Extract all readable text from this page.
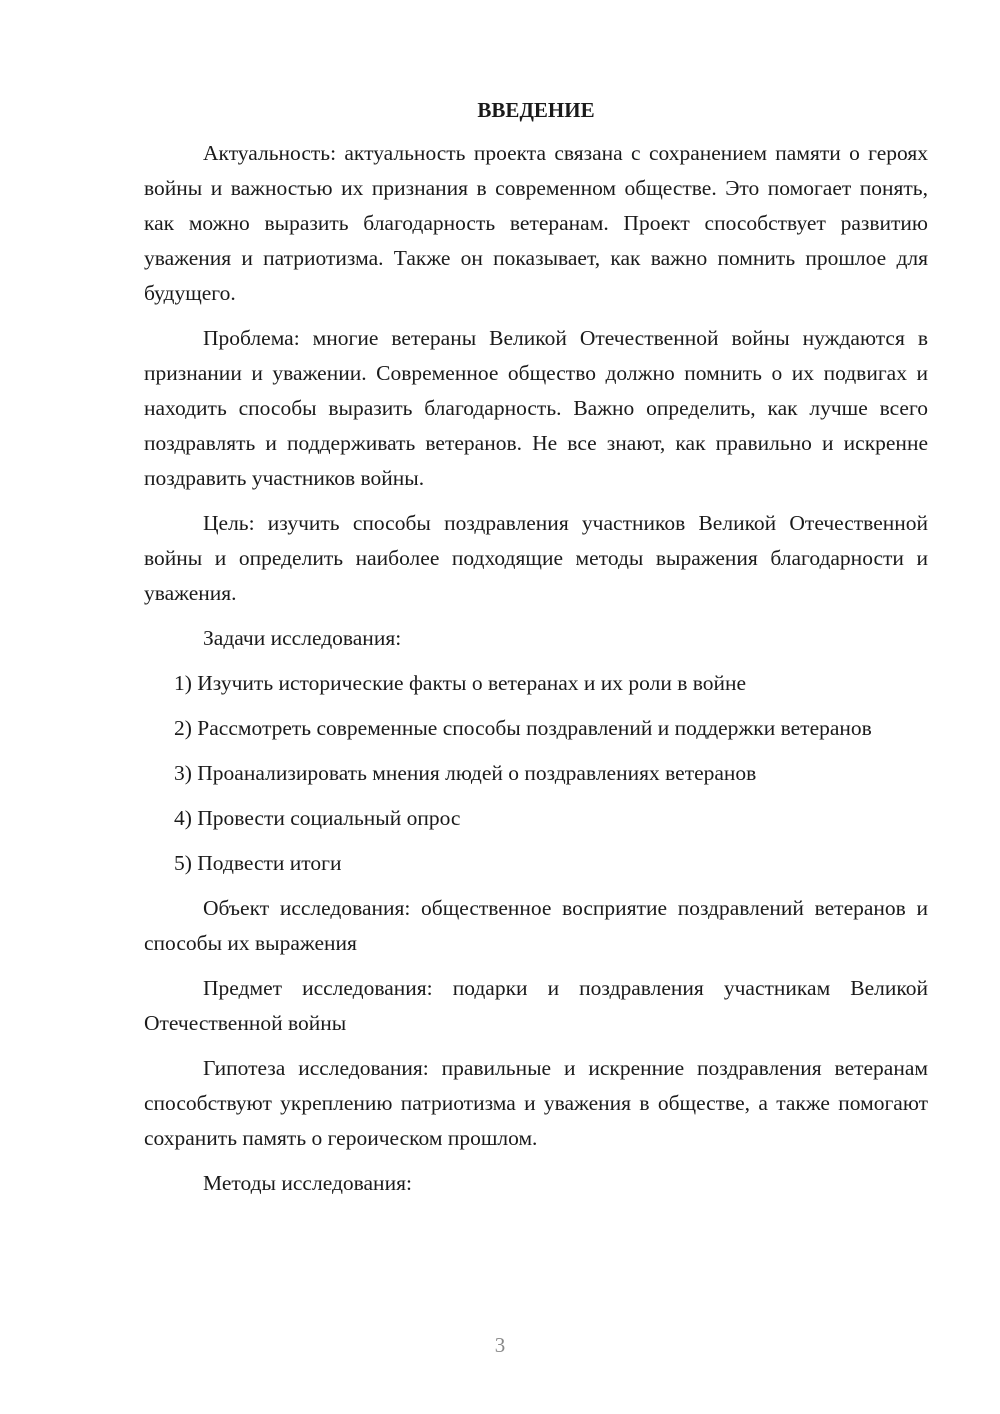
ВВЕДЕНИЕ

Актуальность: актуальность проекта связана с сохранением памяти о героях войны и важностью их признания в современном обществе. Это помогает понять, как можно выразить благодарность ветеранам. Проект способствует развитию уважения и патриотизма. Также он показывает, как важно помнить прошлое для будущего.

Проблема: многие ветераны Великой Отечественной войны нуждаются в признании и уважении. Современное общество должно помнить о их подвигах и находить способы выразить благодарность. Важно определить, как лучше всего поздравлять и поддерживать ветеранов. Не все знают, как правильно и искренне поздравить участников войны.

Цель: изучить способы поздравления участников Великой Отечественной войны и определить наиболее подходящие методы выражения благодарности и уважения.

Задачи исследования:

1) Изучить исторические факты о ветеранах и их роли в войне

2) Рассмотреть современные способы поздравлений и поддержки ветеранов

3) Проанализировать мнения людей о поздравлениях ветеранов

4) Провести социальный опрос

5) Подвести итоги

Объект исследования: общественное восприятие поздравлений ветеранов и способы их выражения

Предмет исследования: подарки и поздравления участникам Великой Отечественной войны

Гипотеза исследования: правильные и искренние поздравления ветеранам способствуют укреплению патриотизма и уважения в обществе, а также помогают сохранить память о героическом прошлом.

Методы исследования:

3
